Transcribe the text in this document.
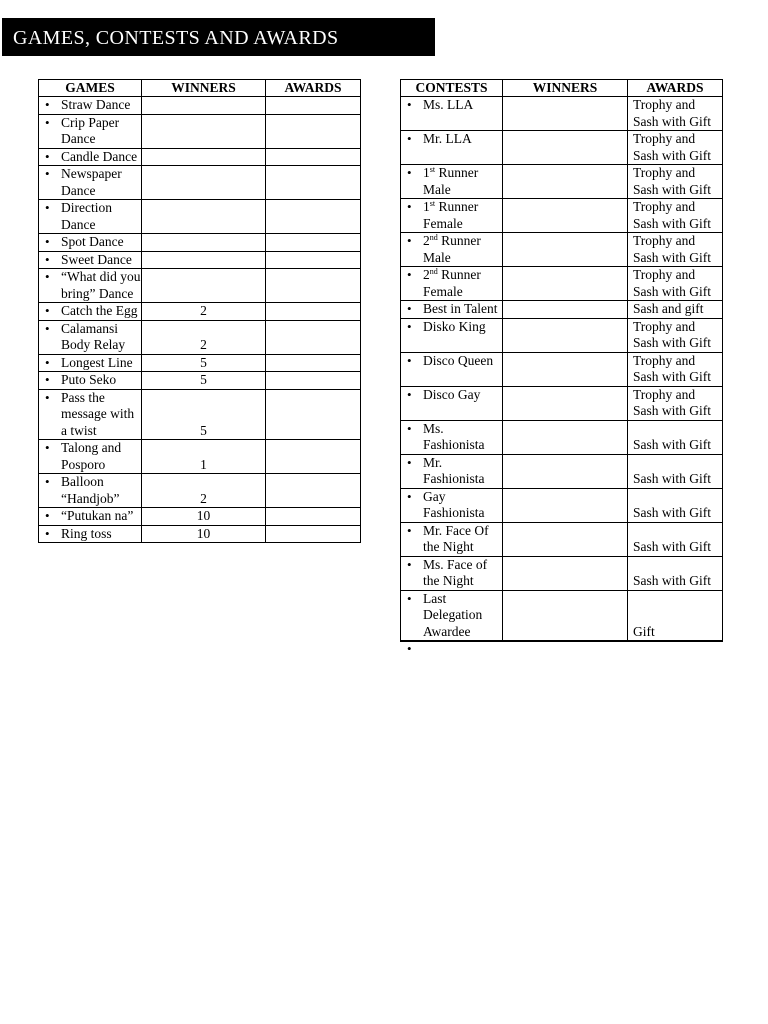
GAMES, CONTESTS AND AWARDS
GAMES	WINNERS	AWARDS
• Straw Dance		
• Crip Paper Dance		
• Candle Dance		
• Newspaper Dance		
• Direction Dance		
• Spot Dance		
• Sweet Dance		
• “What did you bring” Dance		
• Catch the Egg	2	
• Calamansi Body Relay	2	
• Longest Line	5	
• Puto Seko	5	
• Pass the message with a twist	5	
• Talong and Posporo	1	
• Balloon “Handjob”	2	
• “Putukan na”	10	
• Ring toss	10	
CONTESTS	WINNERS	AWARDS
• Ms. LLA		Trophy and Sash with Gift
• Mr. LLA		Trophy and Sash with Gift
• 1st Runner Male		Trophy and Sash with Gift
• 1st Runner Female		Trophy and Sash with Gift
• 2nd Runner Male		Trophy and Sash with Gift
• 2nd Runner Female		Trophy and Sash with Gift
• Best in Talent		Sash and gift
• Disko King		Trophy and Sash with Gift
• Disco Queen		Trophy and Sash with Gift
• Disco Gay		Trophy and Sash with Gift
• Ms. Fashionista		Sash with Gift
• Mr. Fashionista		Sash with Gift
• Gay Fashionista		Sash with Gift
• Mr. Face Of the Night		Sash with Gift
• Ms. Face of the Night		Sash with Gift
• Last Delegation Awardee		Gift
•		
